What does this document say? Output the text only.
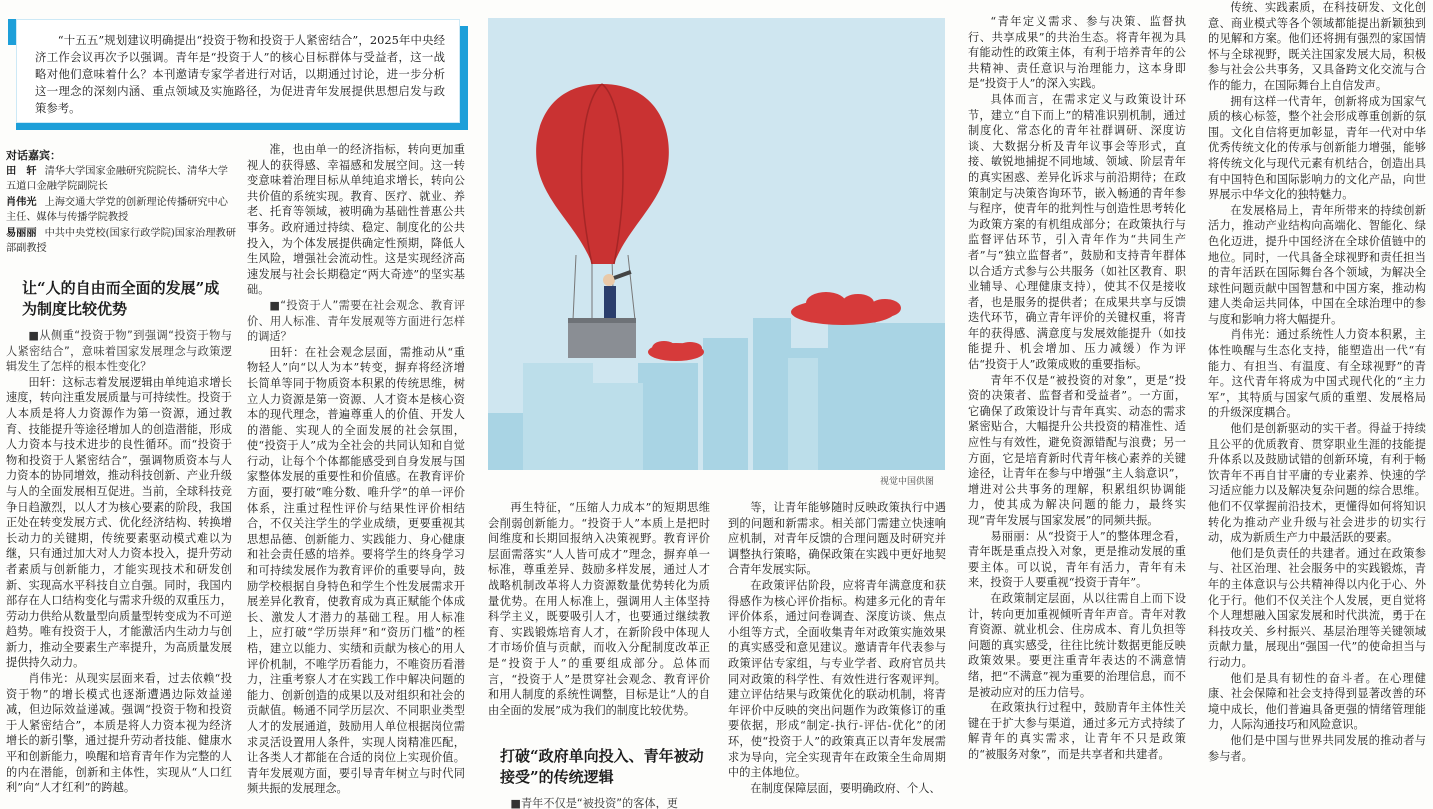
“十五五”规划建议明确提出“投资于物和投资于人紧密结合”，2025年中央经济工作会议再次予以强调。青年是“投资于人”的核心目标群体与受益者，这一战略对他们意味着什么？本刊邀请专家学者进行对话，以期通过讨论，进一步分析这一理念的深刻内涵、重点领域及实施路径，为促进青年发展提供思想启发与政策参考。
对话嘉宾：
田　轩 清华大学国家金融研究院院长、清华大学五道口金融学院副院长
肖伟光 上海交通大学党的创新理论传播研究中心主任、媒体与传播学院教授
易丽丽 中共中央党校(国家行政学院)国家治理教研部副教授
让“人的自由而全面的发展”成为制度比较优势
打破“政府单向投入、青年被动接受”的传统逻辑

■从侧重“投资于物”到强调“投资于物与人紧密结合”，意味着国家发展理念与政策逻辑发生了怎样的根本性变化？

田轩：这标志着发展逻辑由单纯追求增长速度，转向注重发展质量与可持续性。投资于人本质是将人力资源作为第一资源，通过教育、技能提升等途径增加人的创造潜能，形成人力资本与技术进步的良性循环。而“投资于物和投资于人紧密结合”，强调物质资本与人力资本的协同增效，推动科技创新、产业升级与人的全面发展相互促进。当前，全球科技竞争日趋激烈，以人才为核心要素的阶段，我国正处在转变发展方式、优化经济结构、转换增长动力的关键期，传统要素驱动模式难以为继，只有通过加大对人力资本投入，提升劳动者素质与创新能力，才能实现技术和研发创新、实现高水平科技自立自强。同时，我国内部存在人口结构变化与需求升级的双重压力，劳动力供给从数量型向质量型转变成为不可逆趋势。唯有投资于人，才能激活内生动力与创新力，推动全要素生产率提升，为高质量发展提供持久动力。

肖伟光：从现实层面来看，过去依赖“投资于物”的增长模式也逐渐遭遇边际效益递减，但边际效益递减。强调“投资于物和投资于人紧密结合”，本质是将人力资本视为经济增长的新引擎，通过提升劳动者技能、健康水平和创新能力，唤醒和培育青年作为完整的人的内在潜能，创新和主体性，实现从“人口红利”向“人才红利”的跨越。

准，也由单一的经济指标，转向更加重视人的获得感、幸福感和发展空间。这一转变意味着治理目标从单纯追求增长，转向公共价值的系统实现。教育、医疗、就业、养老、托育等领域，被明确为基础性普惠公共事务。政府通过持续、稳定、制度化的公共投入，为个体发展提供确定性预期，降低人生风险，增强社会流动性。这是实现经济高速发展与社会长期稳定“两大奇迹”的坚实基础。

■“投资于人”需要在社会观念、教育评价、用人标准、青年发展观等方面进行怎样的调适？

田轩：在社会观念层面，需推动从“重物轻人”向“以人为本”转变，摒弃将经济增长简单等同于物质资本积累的传统思维，树立人力资源是第一资源、人才资本是核心资本的现代理念，普遍尊重人的价值、开发人的潜能、实现人的全面发展的社会氛围，使“投资于人”成为全社会的共同认知和自觉行动，让每个个体都能感受到自身发展与国家整体发展的重要性和价值感。在教育评价方面，要打破“唯分数、唯升学”的单一评价体系，注重过程性评价与结果性评价相结合，不仅关注学生的学业成绩，更要重视其思想品德、创新能力、实践能力、身心健康和社会责任感的培养。要将学生的终身学习和可持续发展作为教育评价的重要导向，鼓励学校根据自身特色和学生个性发展需求开展差异化教育，使教育成为真正赋能个体成长、激发人才潜力的基础工程。用人标准上，应打破“学历崇拜”和“资历门槛”的桎梏，建立以能力、实绩和贡献为核心的用人评价机制，不唯学历看能力，不唯资历看潜力，注重考察人才在实践工作中解决问题的能力、创新创造的成果以及对组织和社会的贡献值。畅通不同学历层次、不同职业类型人才的发展通道，鼓励用人单位根据岗位需求灵活设置用人条件，实现人岗精准匹配，让各类人才都能在合适的岗位上实现价值。青年发展观方面，要引导青年树立与时代同频共振的发展理念。

再生特征，“压缩人力成本”的短期思维会削弱创新能力。“投资于人”本质上是把时间维度和长期回报纳入决策视野。教育评价层面需落实“人人皆可成才”理念，摒弃单一标准，尊重差异、鼓励多样发展，通过人才战略机制改革将人力资源数量优势转化为质量优势。在用人标准上，强调用人主体坚持科学主义，既要吸引人才，也要通过继续教育、实践锻炼培育人才，在新阶段中体现人才市场价值与贡献，而收入分配制度改革正是“投资于人”的重要组成部分。总体而言，“投资于人”是贯穿社会观念、教育评价和用人制度的系统性调整，目标是让“人的自由全面的发展”成为我们的制度比较优势。

■青年不仅是“被投资”的客体，更

等，让青年能够随时反映政策执行中遇到的问题和新需求。相关部门需建立快速响应机制，对青年反馈的合理问题及时研究并调整执行策略，确保政策在实践中更好地契合青年发展实际。

在政策评估阶段，应将青年满意度和获得感作为核心评价指标。构建多元化的青年评价体系，通过问卷调查、深度访谈、焦点小组等方式，全面收集青年对政策实施效果的真实感受和意见建议。邀请青年代表参与政策评估专家组，与专业学者、政府官员共同对政策的科学性、有效性进行客观评判。建立评估结果与政策优化的联动机制，将青年评价中反映的突出问题作为政策修订的重要依据，形成“制定-执行-评估-优化”的闭环，使“投资于人”的政策真正以青年发展需求为导向，完全实现青年在政策全生命周期中的主体地位。

在制度保障层面，要明确政府、个人、

“青年定义需求、参与决策、监督执行、共享成果”的共治生态。将青年视为具有能动性的政策主体，有利于培养青年的公共精神、责任意识与治理能力，这本身即是“投资于人”的深入实践。

具体而言，在需求定义与政策设计环节，建立“自下而上”的精准识别机制，通过制度化、常态化的青年社群调研、深度访谈、大数据分析及青年议事会等形式，直接、敏锐地捕捉不同地域、领域、阶层青年的真实困惑、差异化诉求与前沿期待；在政策制定与决策咨询环节，嵌入畅通的青年参与程序，使青年的批判性与创造性思考转化为政策方案的有机组成部分；在政策执行与监督评估环节，引入青年作为“共同生产者”与“独立监督者”，鼓励和支持青年群体以合适方式参与公共服务（如社区教育、职业辅导、心理健康支持），使其不仅是接收者，也是服务的提供者；在成果共享与反馈迭代环节，确立青年评价的关键权重，将青年的获得感、满意度与发展效能提升（如技能提升、机会增加、压力减缓）作为评估“投资于人”政策成败的重要指标。

青年不仅是“被投资的对象”，更是“投资的决策者、监督者和受益者”。一方面，它确保了政策设计与青年真实、动态的需求紧密贴合，大幅提升公共投资的精准性、适应性与有效性，避免资源错配与浪费；另一方面，它是培育新时代青年核心素养的关键途径，让青年在参与中增强“主人翁意识”，增进对公共事务的理解，积累组织协调能力，使其成为解决问题的能力，最终实现“青年发展与国家发展”的同频共振。

易丽丽：从“投资于人”的整体理念看，青年既是重点投入对象，更是推动发展的重要主体。可以说，青年有活力，青年有未来，投资于人要重视“投资于青年”。

在政策制定层面，从以往需自上而下设计，转向更加重视倾听青年声音。青年对教育资源、就业机会、住房成本、育儿负担等问题的真实感受，往往比统计数据更能反映政策效果。要更注重青年表达的不满意情绪，把“不满意”视为重要的治理信息，而不是被动应对的压力信号。

在政策执行过程中，鼓励青年主体性关键在于扩大参与渠道，通过多元方式持续了解青年的真实需求，让青年不只是政策的“被服务对象”，而是共享者和共建者。

传统、实践素质，在科技研发、文化创意、商业模式等各个领域都能提出新颖独到的见解和方案。他们还将拥有强烈的家国情怀与全球视野，既关注国家发展大局，积极参与社会公共事务，又具备跨文化交流与合作的能力，在国际舞台上自信发声。

拥有这样一代青年，创新将成为国家气质的核心标签，整个社会形成尊重创新的氛围。文化自信将更加彰显，青年一代对中华优秀传统文化的传承与创新能力增强，能够将传统文化与现代元素有机结合，创造出具有中国特色和国际影响力的文化产品，向世界展示中华文化的独特魅力。

在发展格局上，青年所带来的持续创新活力，推动产业结构向高端化、智能化、绿色化迈进，提升中国经济在全球价值链中的地位。同时，一代具备全球视野和责任担当的青年活跃在国际舞台各个领域，为解决全球性问题贡献中国智慧和中国方案，推动构建人类命运共同体，中国在全球治理中的参与度和影响力将大幅提升。

肖伟光：通过系统性人力资本积累，主体性唤醒与生态化支持，能塑造出一代“有能力、有担当、有温度、有全球视野”的青年。这代青年将成为中国式现代化的“主力军”，其特质与国家气质的重塑、发展格局的升级深度耦合。

他们是创新驱动的实干者。得益于持续且公平的优质教育、贯穿职业生涯的技能提升体系以及鼓励试错的创新环境，有利于畅饮青年不再自甘平庸的专业素养、快速的学习适应能力以及解决复杂问题的综合思维。他们不仅掌握前沿技术，更懂得如何将知识转化为推动产业升级与社会进步的切实行动，成为新质生产力中最活跃的要素。

他们是负责任的共建者。通过在政策参与、社区治理、社会服务中的实践锻炼，青年的主体意识与公共精神得以内化于心、外化于行。他们不仅关注个人发展，更自觉将个人理想融入国家发展和时代洪流，勇于在科技攻关、乡村振兴、基层治理等关键领域贡献力量，展现出“强国一代”的使命担当与行动力。

他们是具有韧性的奋斗者。在心理健康、社会保障和社会支持得到显著改善的环境中成长，他们普遍具备更强的情绪管理能力，人际沟通技巧和风险意识。

他们是中国与世界共同发展的推动者与参与者。

视觉中国供图
